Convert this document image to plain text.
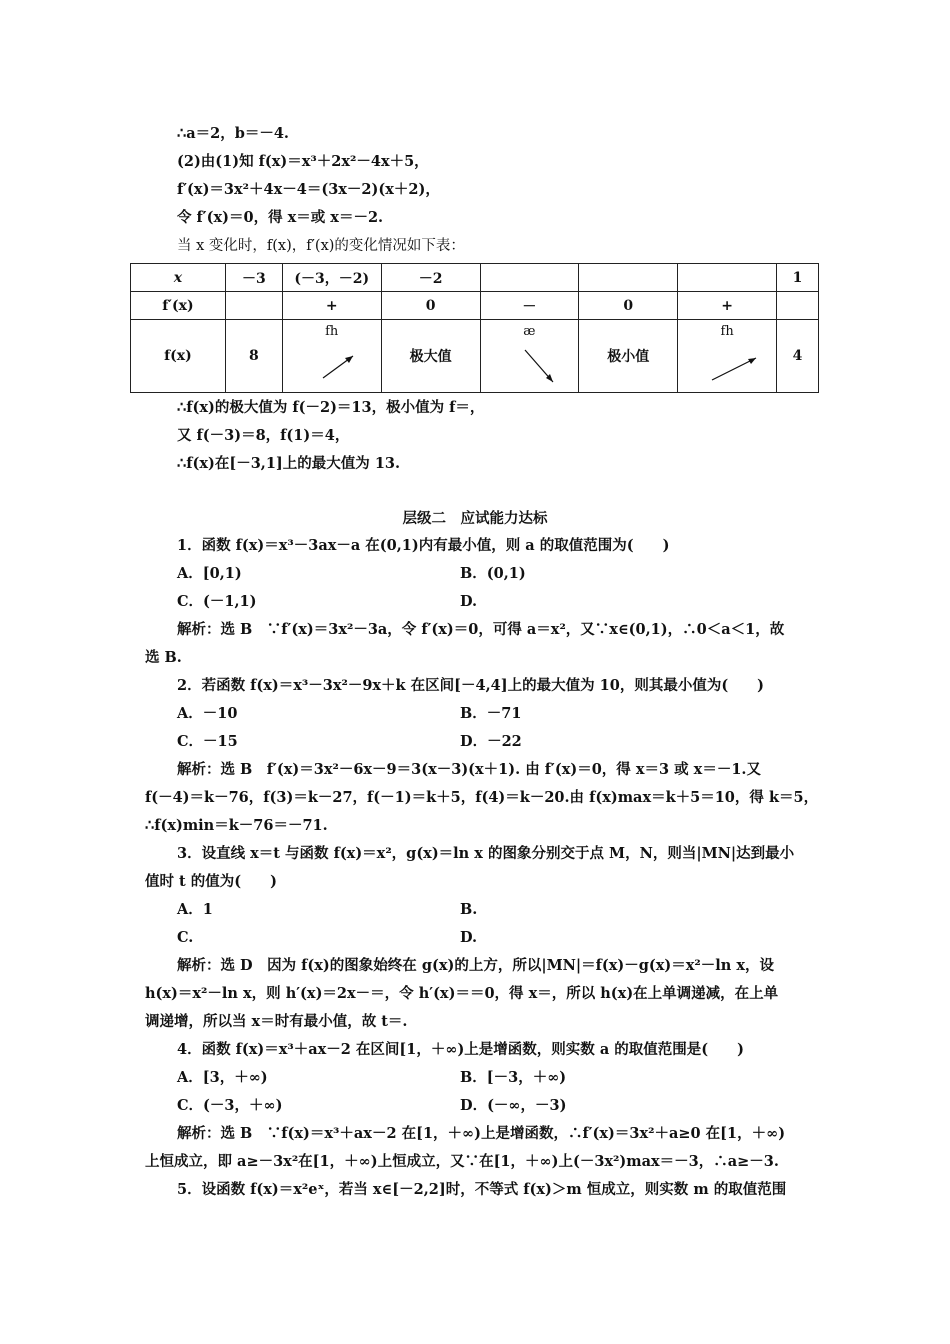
∴a＝2，b＝－4.
(2)由(1)知 f(x)＝x³＋2x²－4x＋5，
f′(x)＝3x²＋4x－4＝(3x－2)(x＋2)，
令 f′(x)＝0，得 x＝或 x＝－2.
当 x 变化时，f(x)，f′(x)的变化情况如下表：
x	－3	(－3，－2)	－2				1
f′(x)		+	0	－	0	+	
f(x)	8	fh	极大值	æ	极小值	fh	4
∴f(x)的极大值为 f(－2)＝13，极小值为 f＝，
又 f(－3)＝8，f(1)＝4，
∴f(x)在[－3,1]上的最大值为 13.
层级二　应试能力达标
1．函数 f(x)＝x³－3ax－a 在(0,1)内有最小值，则 a 的取值范围为(　　)
A．[0,1)	B．(0,1)
C．(－1,1)	D.
解析：选 B　∵f′(x)＝3x²－3a，令 f′(x)＝0，可得 a＝x²，又∵x∈(0,1)，∴0＜a＜1，故
选 B.
2．若函数 f(x)＝x³－3x²－9x＋k 在区间[－4,4]上的最大值为 10，则其最小值为(　　)
A．－10	B．－71
C．－15	D．－22
解析：选 B　f′(x)＝3x²－6x－9＝3(x－3)(x＋1). 由 f′(x)＝0，得 x＝3 或 x＝－1.又
f(－4)＝k－76，f(3)＝k－27，f(－1)＝k＋5，f(4)＝k－20.由 f(x)max＝k＋5＝10，得 k＝5，
∴f(x)min＝k－76＝－71.
3．设直线 x＝t 与函数 f(x)＝x²，g(x)＝ln x 的图象分别交于点 M，N，则当|MN|达到最小
值时 t 的值为(　　)
A．1	B.
C.	D.
解析：选 D　因为 f(x)的图象始终在 g(x)的上方，所以|MN|＝f(x)－g(x)＝x²－ln x，设
h(x)＝x²－ln x，则 h′(x)＝2x－＝，令 h′(x)＝＝0，得 x＝，所以 h(x)在上单调递减，在上单
调递增，所以当 x＝时有最小值，故 t＝.
4．函数 f(x)＝x³＋ax－2 在区间[1，＋∞)上是增函数，则实数 a 的取值范围是(　　)
A．[3，＋∞)	B．[－3，＋∞)
C．(－3，＋∞)	D．(－∞，－3)
解析：选 B　∵f(x)＝x³＋ax－2 在[1，＋∞)上是增函数，∴f′(x)＝3x²＋a≥0 在[1，＋∞)
上恒成立，即 a≥－3x²在[1，＋∞)上恒成立，又∵在[1，＋∞)上(－3x²)max＝－3，∴a≥－3.
5．设函数 f(x)＝x²eˣ，若当 x∈[－2,2]时，不等式 f(x)＞m 恒成立，则实数 m 的取值范围
